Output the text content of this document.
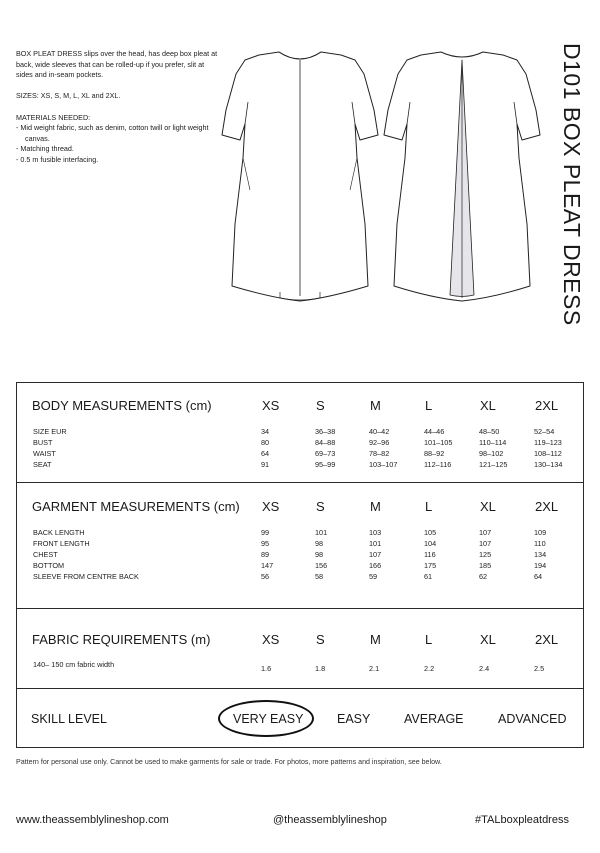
BOX PLEAT DRESS slips over the head, has deep box pleat at back, wide sleeves that can be rolled-up if you prefer, slit at sides and in-seam pockets.

SIZES: XS, S, M, L, XL and 2XL.

MATERIALS NEEDED:
- Mid weight fabric, such as denim, cotton twill or light weight canvas.
- Matching thread.
- 0.5 m fusible interfacing.	D101 BOX PLEAT DRESS
BODY MEASUREMENTS (cm)	XS	S	M	L	XL	2XL
SIZE EUR	34	36–38	40–42	44–46	48–50	52–54
BUST	80	84–88	92–96	101–105	110–114	119–123
WAIST	64	69–73	78–82	88–92	98–102	108–112
SEAT	91	95–99	103–107	112–116	121–125	130–134
GARMENT MEASUREMENTS (cm) XS	S	M	L	XL	2XL
BACK LENGTH	99	101	103	105	107	109
FRONT LENGTH	95	98	101	104	107	110
CHEST	89	98	107	116	125	134
BOTTOM	147	156	166	175	185	194
SLEEVE FROM CENTRE BACK	56	58	59	61	62	64
FABRIC REQUIREMENTS (m)	XS	S	M	L	XL	2XL
140– 150 cm fabric width	1.6	1.8	2.1	2.2	2.4	2.5
SKILL LEVEL	VERY EASY	EASY	AVERAGE	ADVANCED
Pattern for personal use only. Cannot be used to make garments for sale or trade. For photos, more patterns and inspiration, see below.
www.theassemblylineshop.com	@theassemblylineshop	#TALboxpleatdress
